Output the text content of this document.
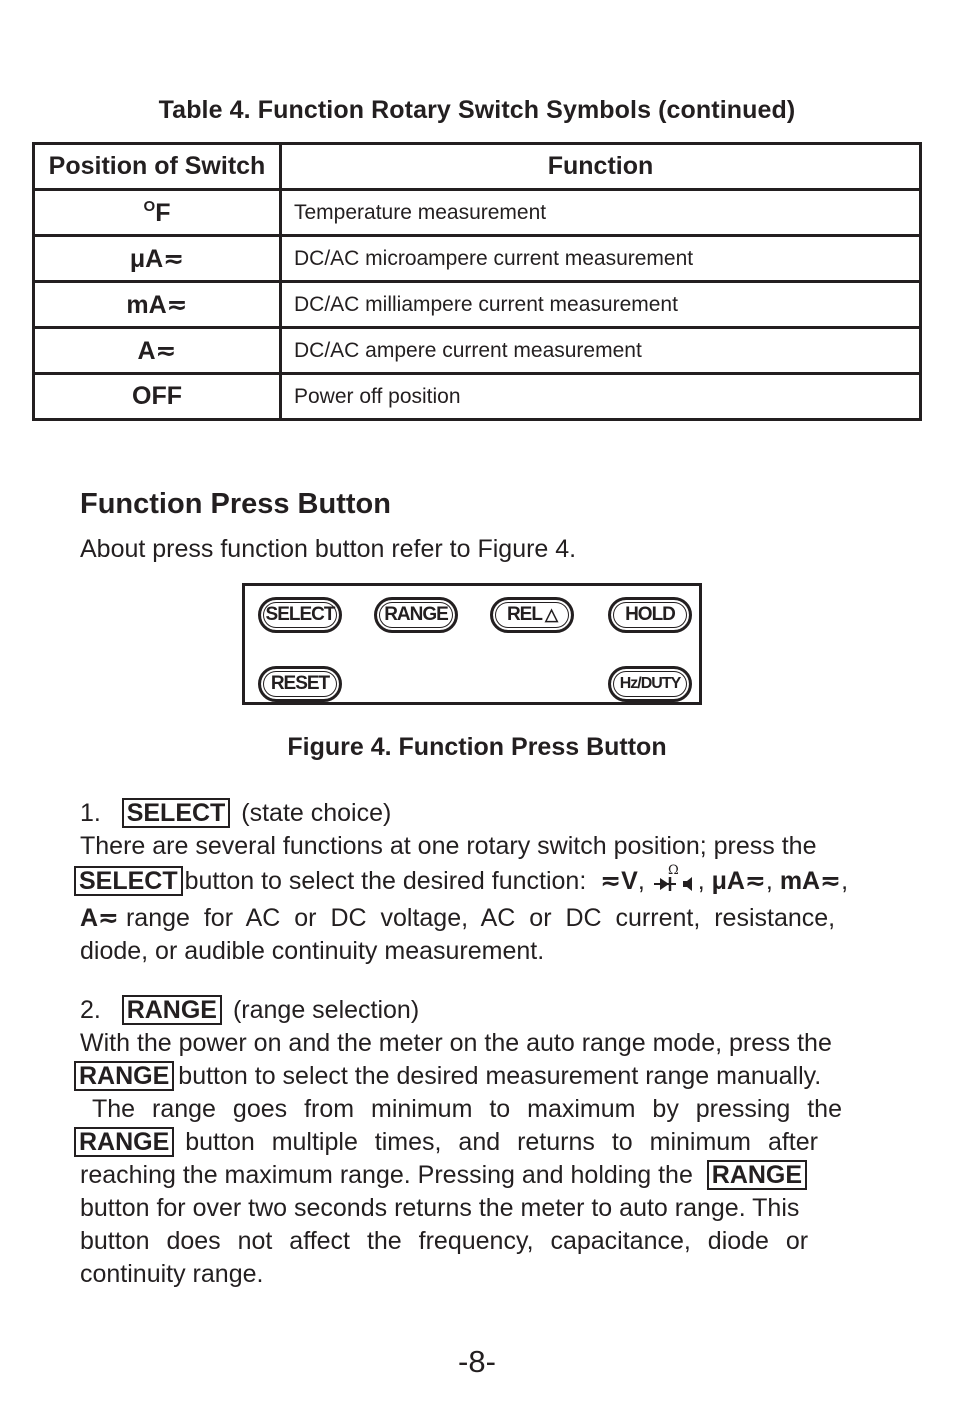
Table 4. Function Rotary Switch Symbols (continued)
Position of Switch	Function
$^O$F	Temperature measurement
μA≂	DC/AC microampere current measurement
mA≂	DC/AC milliampere current measurement
A≂	DC/AC ampere current measurement
OFF	Power off position
Function Press Button
About press function button refer to Figure 4.
SELECT	RANGE	REL △	HOLD
RESET	Hz/DUTY
Figure 4. Function Press Button
1. SELECT (state choice)
There are several functions at one rotary switch position; press the
SELECT button to select the desired function: ≂V, Ω , μA≂, mA≂,
A≂ range for AC or DC voltage, AC or DC current, resistance,
diode, or audible continuity measurement.
2. RANGE (range selection)
With the power on and the meter on the auto range mode, press the
RANGE button to select the desired measurement range manually.
The range goes from minimum to maximum by pressing the
RANGE button multiple times, and returns to minimum after
reaching the maximum range. Pressing and holding the RANGE
button for over two seconds returns the meter to auto range. This
button does not affect the frequency, capacitance, diode or
continuity range.
-8-
